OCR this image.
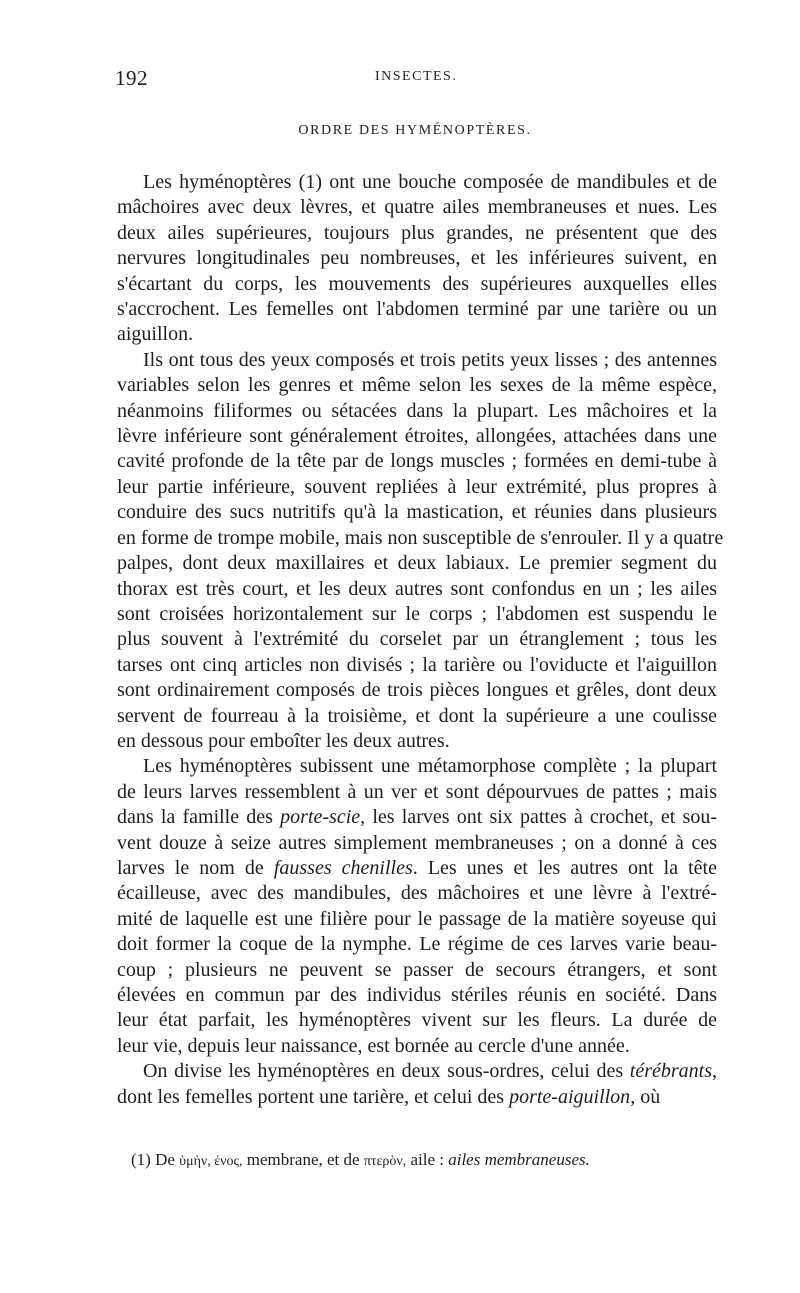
192	INSECTES.
ORDRE DES HYMÉNOPTÈRES.
Les hyménoptères (1) ont une bouche composée de mandibules et de
mâchoires avec deux lèvres, et quatre ailes membraneuses et nues. Les
deux ailes supérieures, toujours plus grandes, ne présentent que des
nervures longitudinales peu nombreuses, et les inférieures suivent, en
s'écartant du corps, les mouvements des supérieures auxquelles elles
s'accrochent. Les femelles ont l'abdomen terminé par une tarière ou un
aiguillon.
Ils ont tous des yeux composés et trois petits yeux lisses ; des antennes
variables selon les genres et même selon les sexes de la même espèce,
néanmoins filiformes ou sétacées dans la plupart. Les mâchoires et la
lèvre inférieure sont généralement étroites, allongées, attachées dans une
cavité profonde de la tête par de longs muscles ; formées en demi-tube à
leur partie inférieure, souvent repliées à leur extrémité, plus propres à
conduire des sucs nutritifs qu'à la mastication, et réunies dans plusieurs
en forme de trompe mobile, mais non susceptible de s'enrouler. Il y a quatre
palpes, dont deux maxillaires et deux labiaux. Le premier segment du
thorax est très court, et les deux autres sont confondus en un ; les ailes
sont croisées horizontalement sur le corps ; l'abdomen est suspendu le
plus souvent à l'extrémité du corselet par un étranglement ; tous les
tarses ont cinq articles non divisés ; la tarière ou l'oviducte et l'aiguillon
sont ordinairement composés de trois pièces longues et grêles, dont deux
servent de fourreau à la troisième, et dont la supérieure a une coulisse
en dessous pour emboîter les deux autres.
Les hyménoptères subissent une métamorphose complète ; la plupart
de leurs larves ressemblent à un ver et sont dépourvues de pattes ; mais
dans la famille des porte-scie, les larves ont six pattes à crochet, et sou-
vent douze à seize autres simplement membraneuses ; on a donné à ces
larves le nom de fausses chenilles. Les unes et les autres ont la tête
écailleuse, avec des mandibules, des mâchoires et une lèvre à l'extré-
mité de laquelle est une filière pour le passage de la matière soyeuse qui
doit former la coque de la nymphe. Le régime de ces larves varie beau-
coup ; plusieurs ne peuvent se passer de secours étrangers, et sont
élevées en commun par des individus stériles réunis en société. Dans
leur état parfait, les hyménoptères vivent sur les fleurs. La durée de
leur vie, depuis leur naissance, est bornée au cercle d'une année.
On divise les hyménoptères en deux sous-ordres, celui des térébrants,
dont les femelles portent une tarière, et celui des porte-aiguillon, où
(1) De ὑμὴν, ένος, membrane, et de πτερὸν, aile : ailes membraneuses.
